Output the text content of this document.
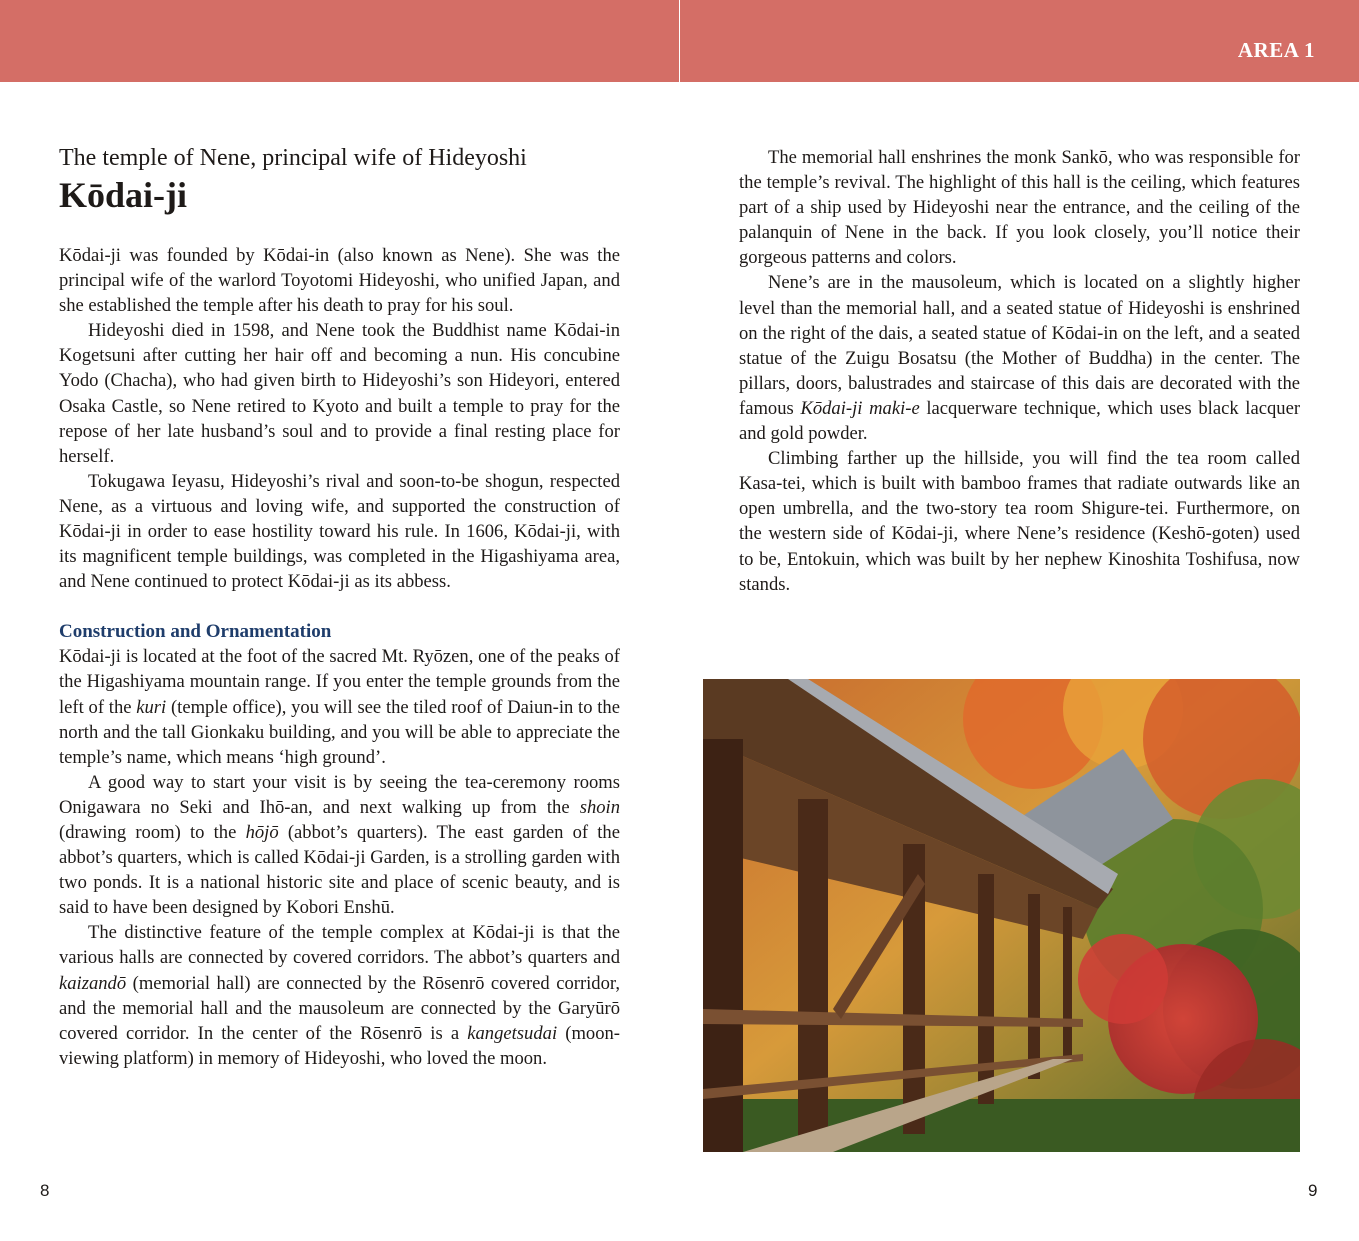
AREA 1

The temple of Nene, principal wife of Hideyoshi

Kōdai-ji

Kōdai-ji was founded by Kōdai-in (also known as Nene). She was the principal wife of the warlord Toyotomi Hideyoshi, who unified Japan, and she established the temple after his death to pray for his soul.

Hideyoshi died in 1598, and Nene took the Buddhist name Kōdai-in Kogetsuni after cutting her hair off and becoming a nun. His concubine Yodo (Chacha), who had given birth to Hideyoshi’s son Hideyori, entered Osaka Castle, so Nene retired to Kyoto and built a temple to pray for the repose of her late husband’s soul and to provide a final resting place for herself.

Tokugawa Ieyasu, Hideyoshi’s rival and soon-to-be shogun, respected Nene, as a virtuous and loving wife, and supported the construction of Kōdai-ji in order to ease hostility toward his rule. In 1606, Kōdai-ji, with its magnificent temple buildings, was completed in the Higashiyama area, and Nene continued to protect Kōdai-ji as its abbess.

Construction and Ornamentation

Kōdai-ji is located at the foot of the sacred Mt. Ryōzen, one of the peaks of the Higashiyama mountain range. If you enter the temple grounds from the left of the kuri (temple office), you will see the tiled roof of Daiun-in to the north and the tall Gionkaku building, and you will be able to appreciate the temple’s name, which means ‘high ground’.

A good way to start your visit is by seeing the tea-ceremony rooms Onigawara no Seki and Ihō-an, and next walking up from the shoin (drawing room) to the hōjō (abbot’s quarters). The east garden of the abbot’s quarters, which is called Kōdai-ji Garden, is a strolling garden with two ponds. It is a national historic site and place of scenic beauty, and is said to have been designed by Kobori Enshū.

The distinctive feature of the temple complex at Kōdai-ji is that the various halls are connected by covered corridors. The abbot’s quarters and kaizandō (memorial hall) are connected by the Rōsenrō covered corridor, and the memorial hall and the mausoleum are connected by the Garyūrō covered corridor. In the center of the Rōsenrō is a kangetsudai (moon-viewing platform) in memory of Hideyoshi, who loved the moon.

The memorial hall enshrines the monk Sankō, who was responsible for the temple’s revival. The highlight of this hall is the ceiling, which features part of a ship used by Hideyoshi near the entrance, and the ceiling of the palanquin of Nene in the back. If you look closely, you’ll notice their gorgeous patterns and colors.

Nene’s are in the mausoleum, which is located on a slightly higher level than the memorial hall, and a seated statue of Hideyoshi is enshrined on the right of the dais, a seated statue of Kōdai-in on the left, and a seated statue of the Zuigu Bosatsu (the Mother of Buddha) in the center. The pillars, doors, balustrades and staircase of this dais are decorated with the famous Kōdai-ji maki-e lacquerware technique, which uses black lacquer and gold powder.

Climbing farther up the hillside, you will find the tea room called Kasa-tei, which is built with bamboo frames that radiate outwards like an open umbrella, and the two-story tea room Shigure-tei. Furthermore, on the western side of Kōdai-ji, where Nene’s residence (Keshō-goten) used to be, Entokuin, which was built by her nephew Kinoshita Toshifusa, now stands.

8	9
